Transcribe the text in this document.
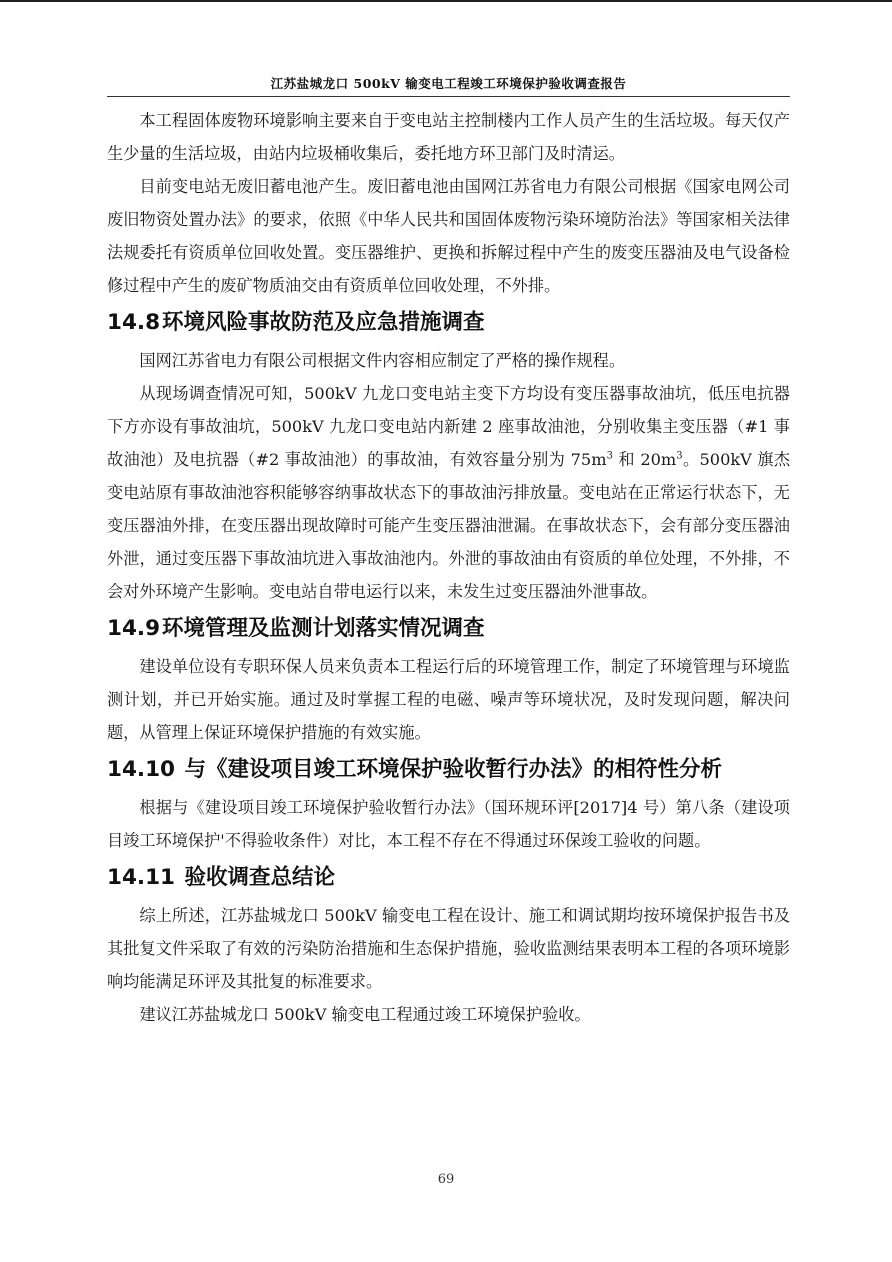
江苏盐城龙口 500kV 输变电工程竣工环境保护验收调查报告

本工程固体废物环境影响主要来自于变电站主控制楼内工作人员产生的生活垃圾。每天仅产生少量的生活垃圾，由站内垃圾桶收集后，委托地方环卫部门及时清运。

目前变电站无废旧蓄电池产生。废旧蓄电池由国网江苏省电力有限公司根据《国家电网公司废旧物资处置办法》的要求，依照《中华人民共和国固体废物污染环境防治法》等国家相关法律法规委托有资质单位回收处置。变压器维护、更换和拆解过程中产生的废变压器油及电气设备检修过程中产生的废矿物质油交由有资质单位回收处理，不外排。

14.8环境风险事故防范及应急措施调查

国网江苏省电力有限公司根据文件内容相应制定了严格的操作规程。

从现场调查情况可知，500kV 九龙口变电站主变下方均设有变压器事故油坑，低压电抗器下方亦设有事故油坑，500kV 九龙口变电站内新建 2 座事故油池，分别收集主变压器（#1 事故油池）及电抗器（#2 事故油池）的事故油，有效容量分别为 $75m^3$ 和 $20m^3$。500kV 旗杰变电站原有事故油池容积能够容纳事故状态下的事故油污排放量。变电站在正常运行状态下，无变压器油外排，在变压器出现故障时可能产生变压器油泄漏。在事故状态下，会有部分变压器油外泄，通过变压器下事故油坑进入事故油池内。外泄的事故油由有资质的单位处理，不外排，不会对外环境产生影响。变电站自带电运行以来，未发生过变压器油外泄事故。

14.9环境管理及监测计划落实情况调查

建设单位设有专职环保人员来负责本工程运行后的环境管理工作，制定了环境管理与环境监测计划，并已开始实施。通过及时掌握工程的电磁、噪声等环境状况，及时发现问题，解决问题，从管理上保证环境保护措施的有效实施。

14.10 与《建设项目竣工环境保护验收暂行办法》的相符性分析

根据与《建设项目竣工环境保护验收暂行办法》（国环规环评[2017]4 号）第八条（建设项目竣工环境保护'不得验收条件）对比，本工程不存在不得通过环保竣工验收的问题。

14.11 验收调查总结论

综上所述，江苏盐城龙口 500kV 输变电工程在设计、施工和调试期均按环境保护报告书及其批复文件采取了有效的污染防治措施和生态保护措施，验收监测结果表明本工程的各项环境影响均能满足环评及其批复的标准要求。

建议江苏盐城龙口 500kV 输变电工程通过竣工环境保护验收。

69
